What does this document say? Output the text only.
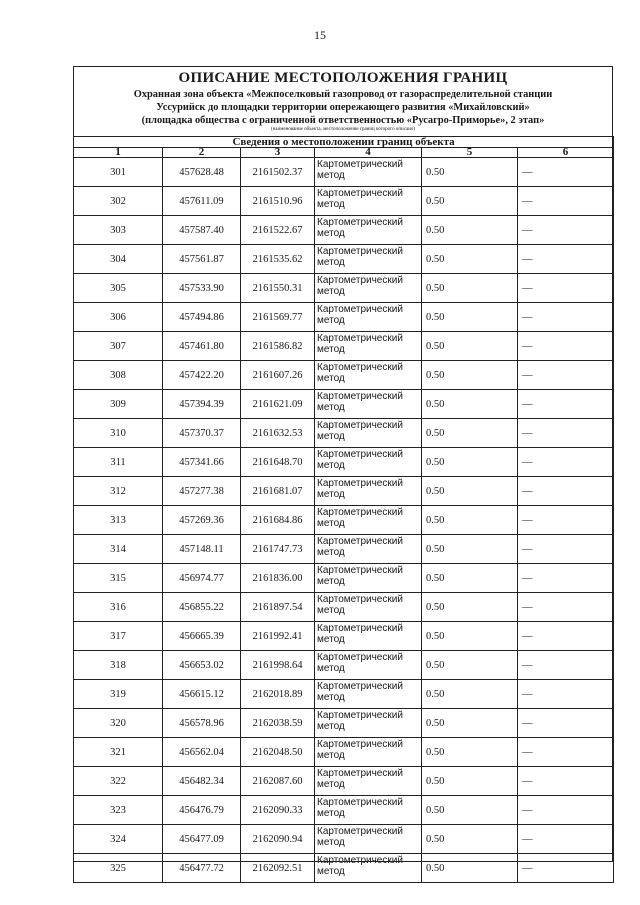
15
ОПИСАНИЕ МЕСТОПОЛОЖЕНИЯ ГРАНИЦ
Охранная зона объекта «Межпоселковый газопровод от газораспределительной станции
Уссурийск до площадки территории опережающего развития «Михайловский»
(площадка общества с ограниченной ответственностью «Русагро-Приморье», 2 этап»
(наименование объекта, местоположение границ которого описано)
Сведения о местоположении границ объекта					
1	2	3	4	5	6
301	457628.48	2161502.37	Картометрический метод	0.50	—
302	457611.09	2161510.96	Картометрический метод	0.50	—
303	457587.40	2161522.67	Картометрический метод	0.50	—
304	457561.87	2161535.62	Картометрический метод	0.50	—
305	457533.90	2161550.31	Картометрический метод	0.50	—
306	457494.86	2161569.77	Картометрический метод	0.50	—
307	457461.80	2161586.82	Картометрический метод	0.50	—
308	457422.20	2161607.26	Картометрический метод	0.50	—
309	457394.39	2161621.09	Картометрический метод	0.50	—
310	457370.37	2161632.53	Картометрический метод	0.50	—
311	457341.66	2161648.70	Картометрический метод	0.50	—
312	457277.38	2161681.07	Картометрический метод	0.50	—
313	457269.36	2161684.86	Картометрический метод	0.50	—
314	457148.11	2161747.73	Картометрический метод	0.50	—
315	456974.77	2161836.00	Картометрический метод	0.50	—
316	456855.22	2161897.54	Картометрический метод	0.50	—
317	456665.39	2161992.41	Картометрический метод	0.50	—
318	456653.02	2161998.64	Картометрический метод	0.50	—
319	456615.12	2162018.89	Картометрический метод	0.50	—
320	456578.96	2162038.59	Картометрический метод	0.50	—
321	456562.04	2162048.50	Картометрический метод	0.50	—
322	456482.34	2162087.60	Картометрический метод	0.50	—
323	456476.79	2162090.33	Картометрический метод	0.50	—
324	456477.09	2162090.94	Картометрический метод	0.50	—
325	456477.72	2162092.51	Картометрический метод	0.50	—
